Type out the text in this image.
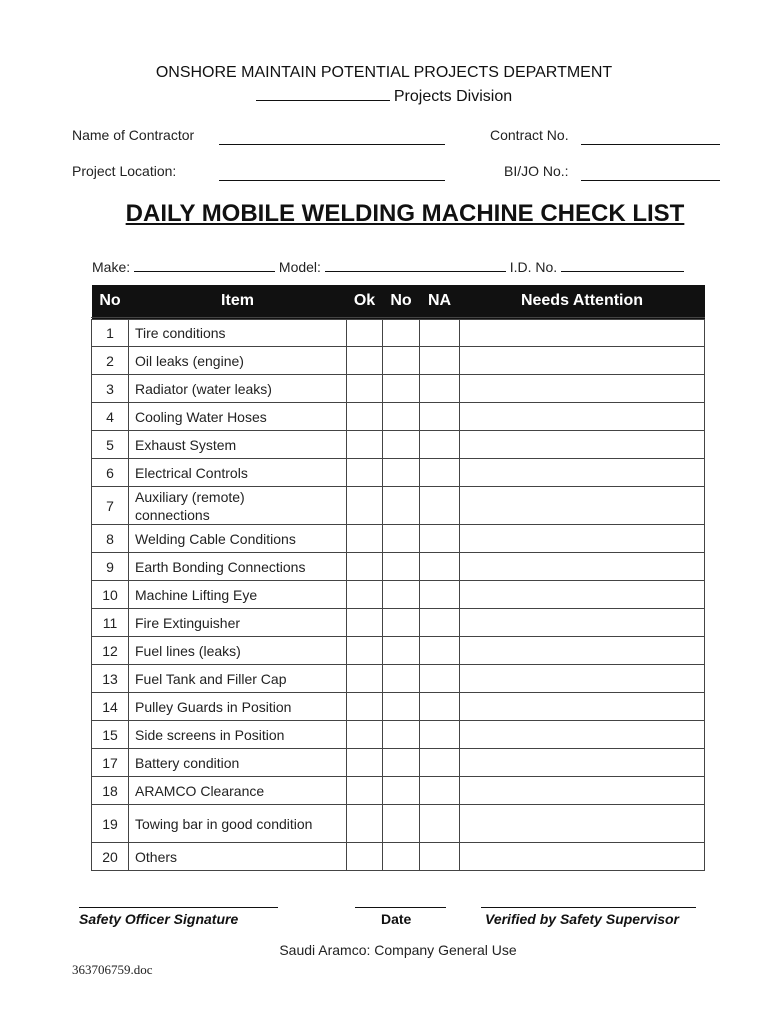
ONSHORE MAINTAIN POTENTIAL PROJECTS DEPARTMENT
Projects Division
Name of Contractor	Contract No.
Project Location:	BI/JO No.:
DAILY MOBILE WELDING MACHINE CHECK LIST
Make:	Model:	I.D. No.
No	Item	Ok	No	NA	Needs Attention
1	Tire conditions				
2	Oil leaks (engine)				
3	Radiator (water leaks)				
4	Cooling Water Hoses				
5	Exhaust System				
6	Electrical Controls				
7	Auxiliary (remote) connections				
8	Welding Cable Conditions				
9	Earth Bonding Connections				
10	Machine Lifting Eye				
11	Fire Extinguisher				
12	Fuel lines (leaks)				
13	Fuel Tank and Filler Cap				
14	Pulley Guards in Position				
15	Side screens in Position				
17	Battery condition				
18	ARAMCO Clearance				
19	Towing bar in good condition				
20	Others				
Safety Officer Signature	Date	Verified by Safety Supervisor
Saudi Aramco: Company General Use
363706759.doc
